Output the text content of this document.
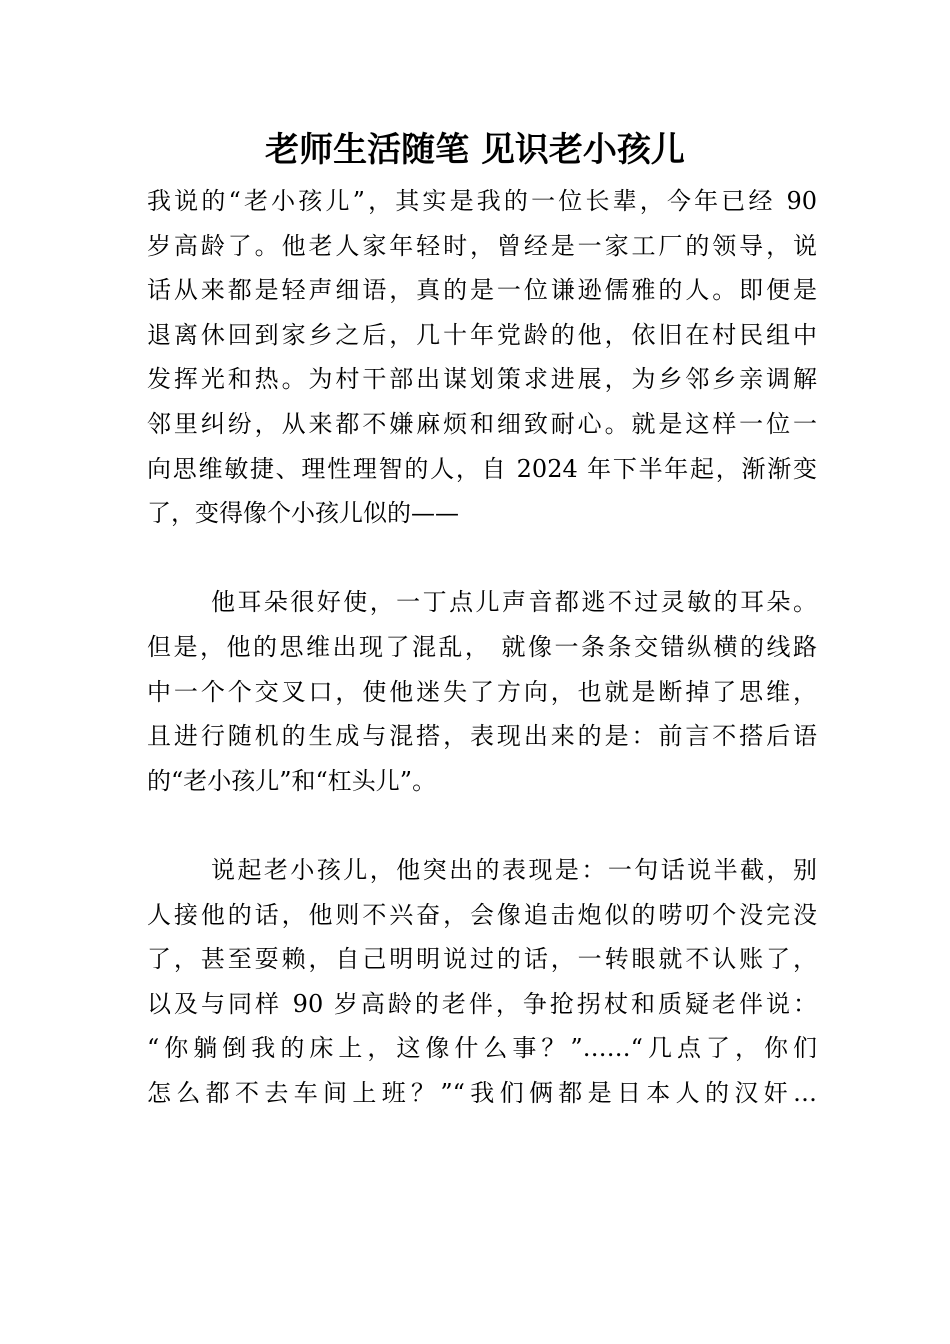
老师生活随笔 见识老小孩儿

我说的“老小孩儿”，其实是我的一位长辈，今年已经 90

岁高龄了。他老人家年轻时，曾经是一家工厂的领导，说

话从来都是轻声细语，真的是一位谦逊儒雅的人。即便是

退离休回到家乡之后，几十年党龄的他，依旧在村民组中

发挥光和热。为村干部出谋划策求进展，为乡邻乡亲调解

邻里纠纷，从来都不嫌麻烦和细致耐心。就是这样一位一

向思维敏捷、理性理智的人，自 2024 年下半年起，渐渐变

了，变得像个小孩儿似的——

他耳朵很好使，一丁点儿声音都逃不过灵敏的耳朵。

但是，他的思维出现了混乱， 就像一条条交错纵横的线路

中一个个交叉口，使他迷失了方向，也就是断掉了思维，

且进行随机的生成与混搭，表现出来的是：前言不搭后语

的“老小孩儿”和“杠头儿”。

说起老小孩儿，他突出的表现是：一句话说半截，别

人接他的话，他则不兴奋，会像追击炮似的唠叨个没完没

了，甚至耍赖，自己明明说过的话，一转眼就不认账了，

以及与同样 90 岁高龄的老伴，争抢拐杖和质疑老伴说：

“你躺倒我的床上，这像什么事？”……“几点了，你们

怎么都不去车间上班？”“我们俩都是日本人的汉奸…
